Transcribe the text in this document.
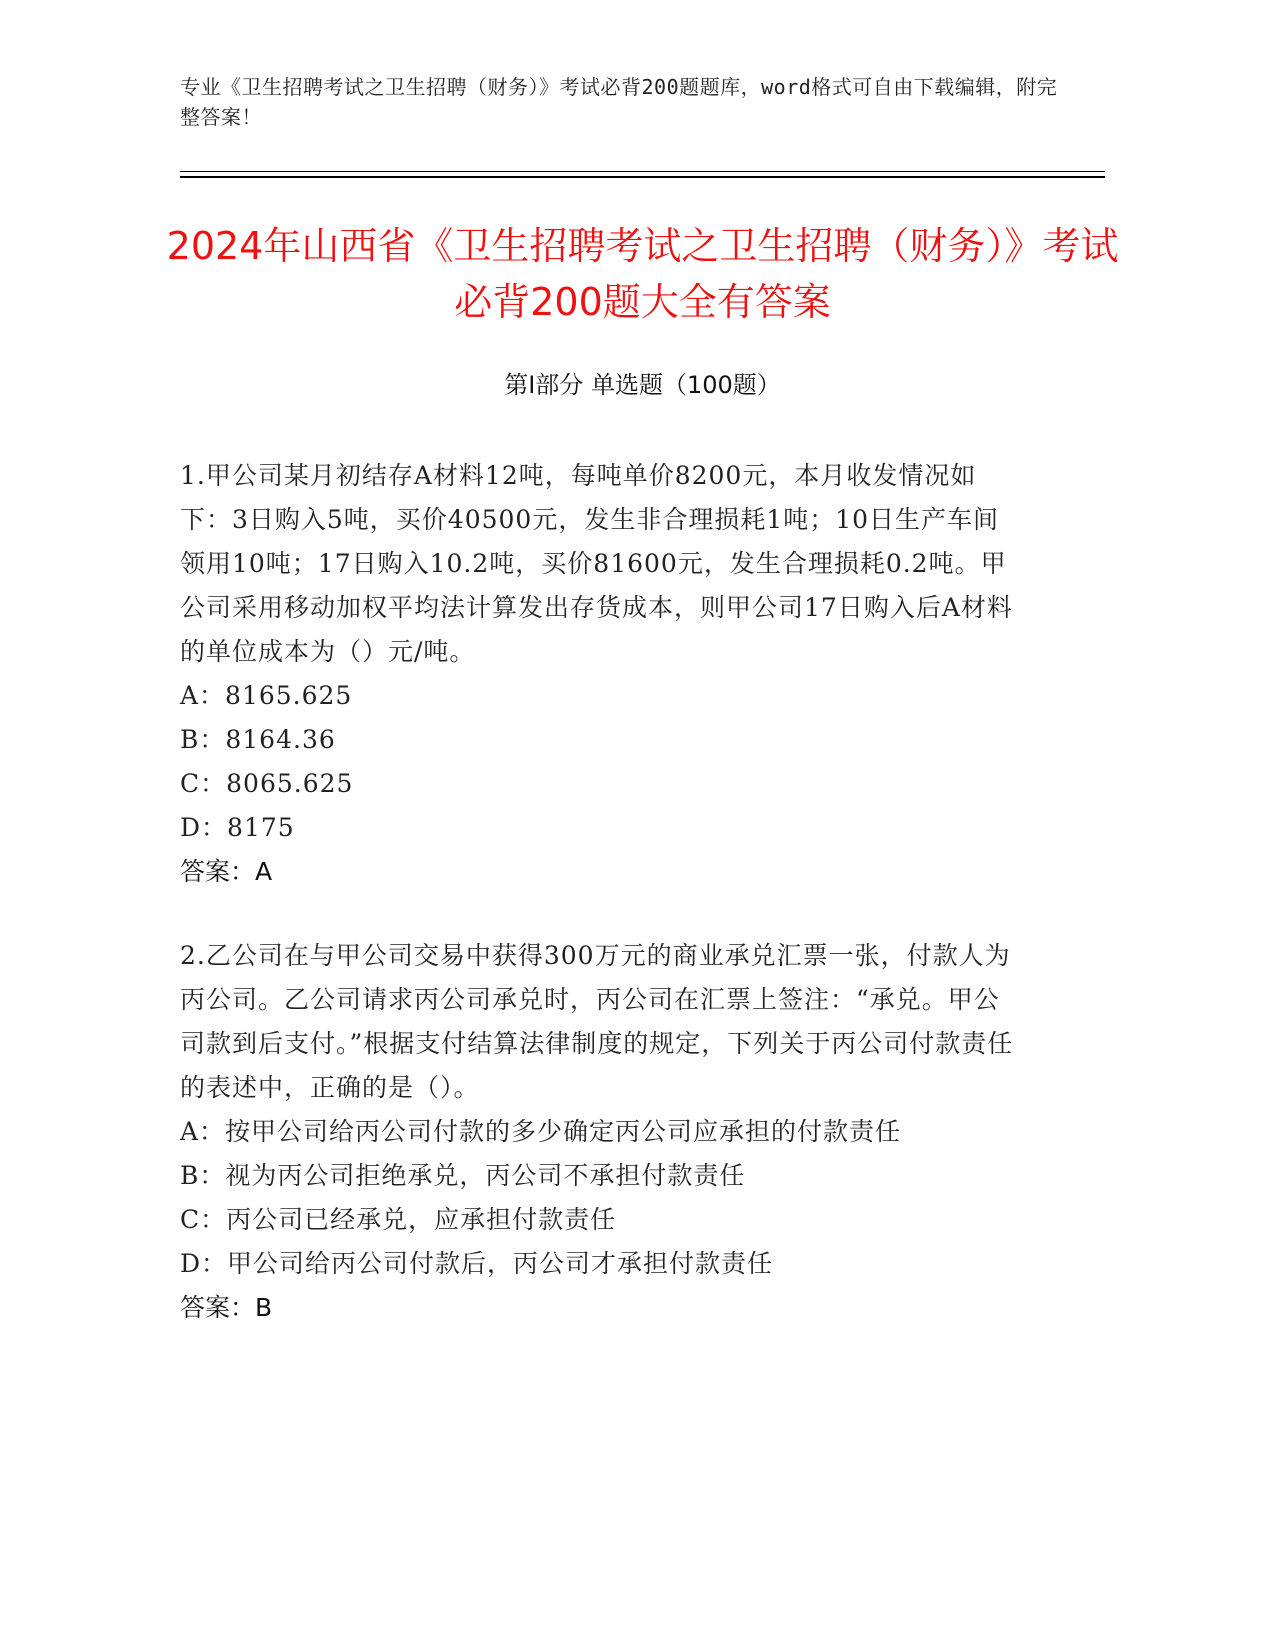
专业《卫生招聘考试之卫生招聘（财务）》考试必背200题题库，word格式可自由下载编辑，附完整答案！
2024年山西省《卫生招聘考试之卫生招聘（财务）》考试必背200题大全有答案
第I部分 单选题（100题）

1.甲公司某月初结存A材料12吨，每吨单价8200元，本月收发情况如下：3日购入5吨，买价40500元，发生非合理损耗1吨；10日生产车间领用10吨；17日购入10.2吨，买价81600元，发生合理损耗0.2吨。甲公司采用移动加权平均法计算发出存货成本，则甲公司17日购入后A材料的单位成本为（）元/吨。

A：8165.625

B：8164.36

C：8065.625

D：8175

答案：A

2.乙公司在与甲公司交易中获得300万元的商业承兑汇票一张，付款人为丙公司。乙公司请求丙公司承兑时，丙公司在汇票上签注：“承兑。甲公司款到后支付。”根据支付结算法律制度的规定，下列关于丙公司付款责任的表述中，正确的是（）。

A：按甲公司给丙公司付款的多少确定丙公司应承担的付款责任

B：视为丙公司拒绝承兑，丙公司不承担付款责任

C：丙公司已经承兑，应承担付款责任

D：甲公司给丙公司付款后，丙公司才承担付款责任

答案：B
